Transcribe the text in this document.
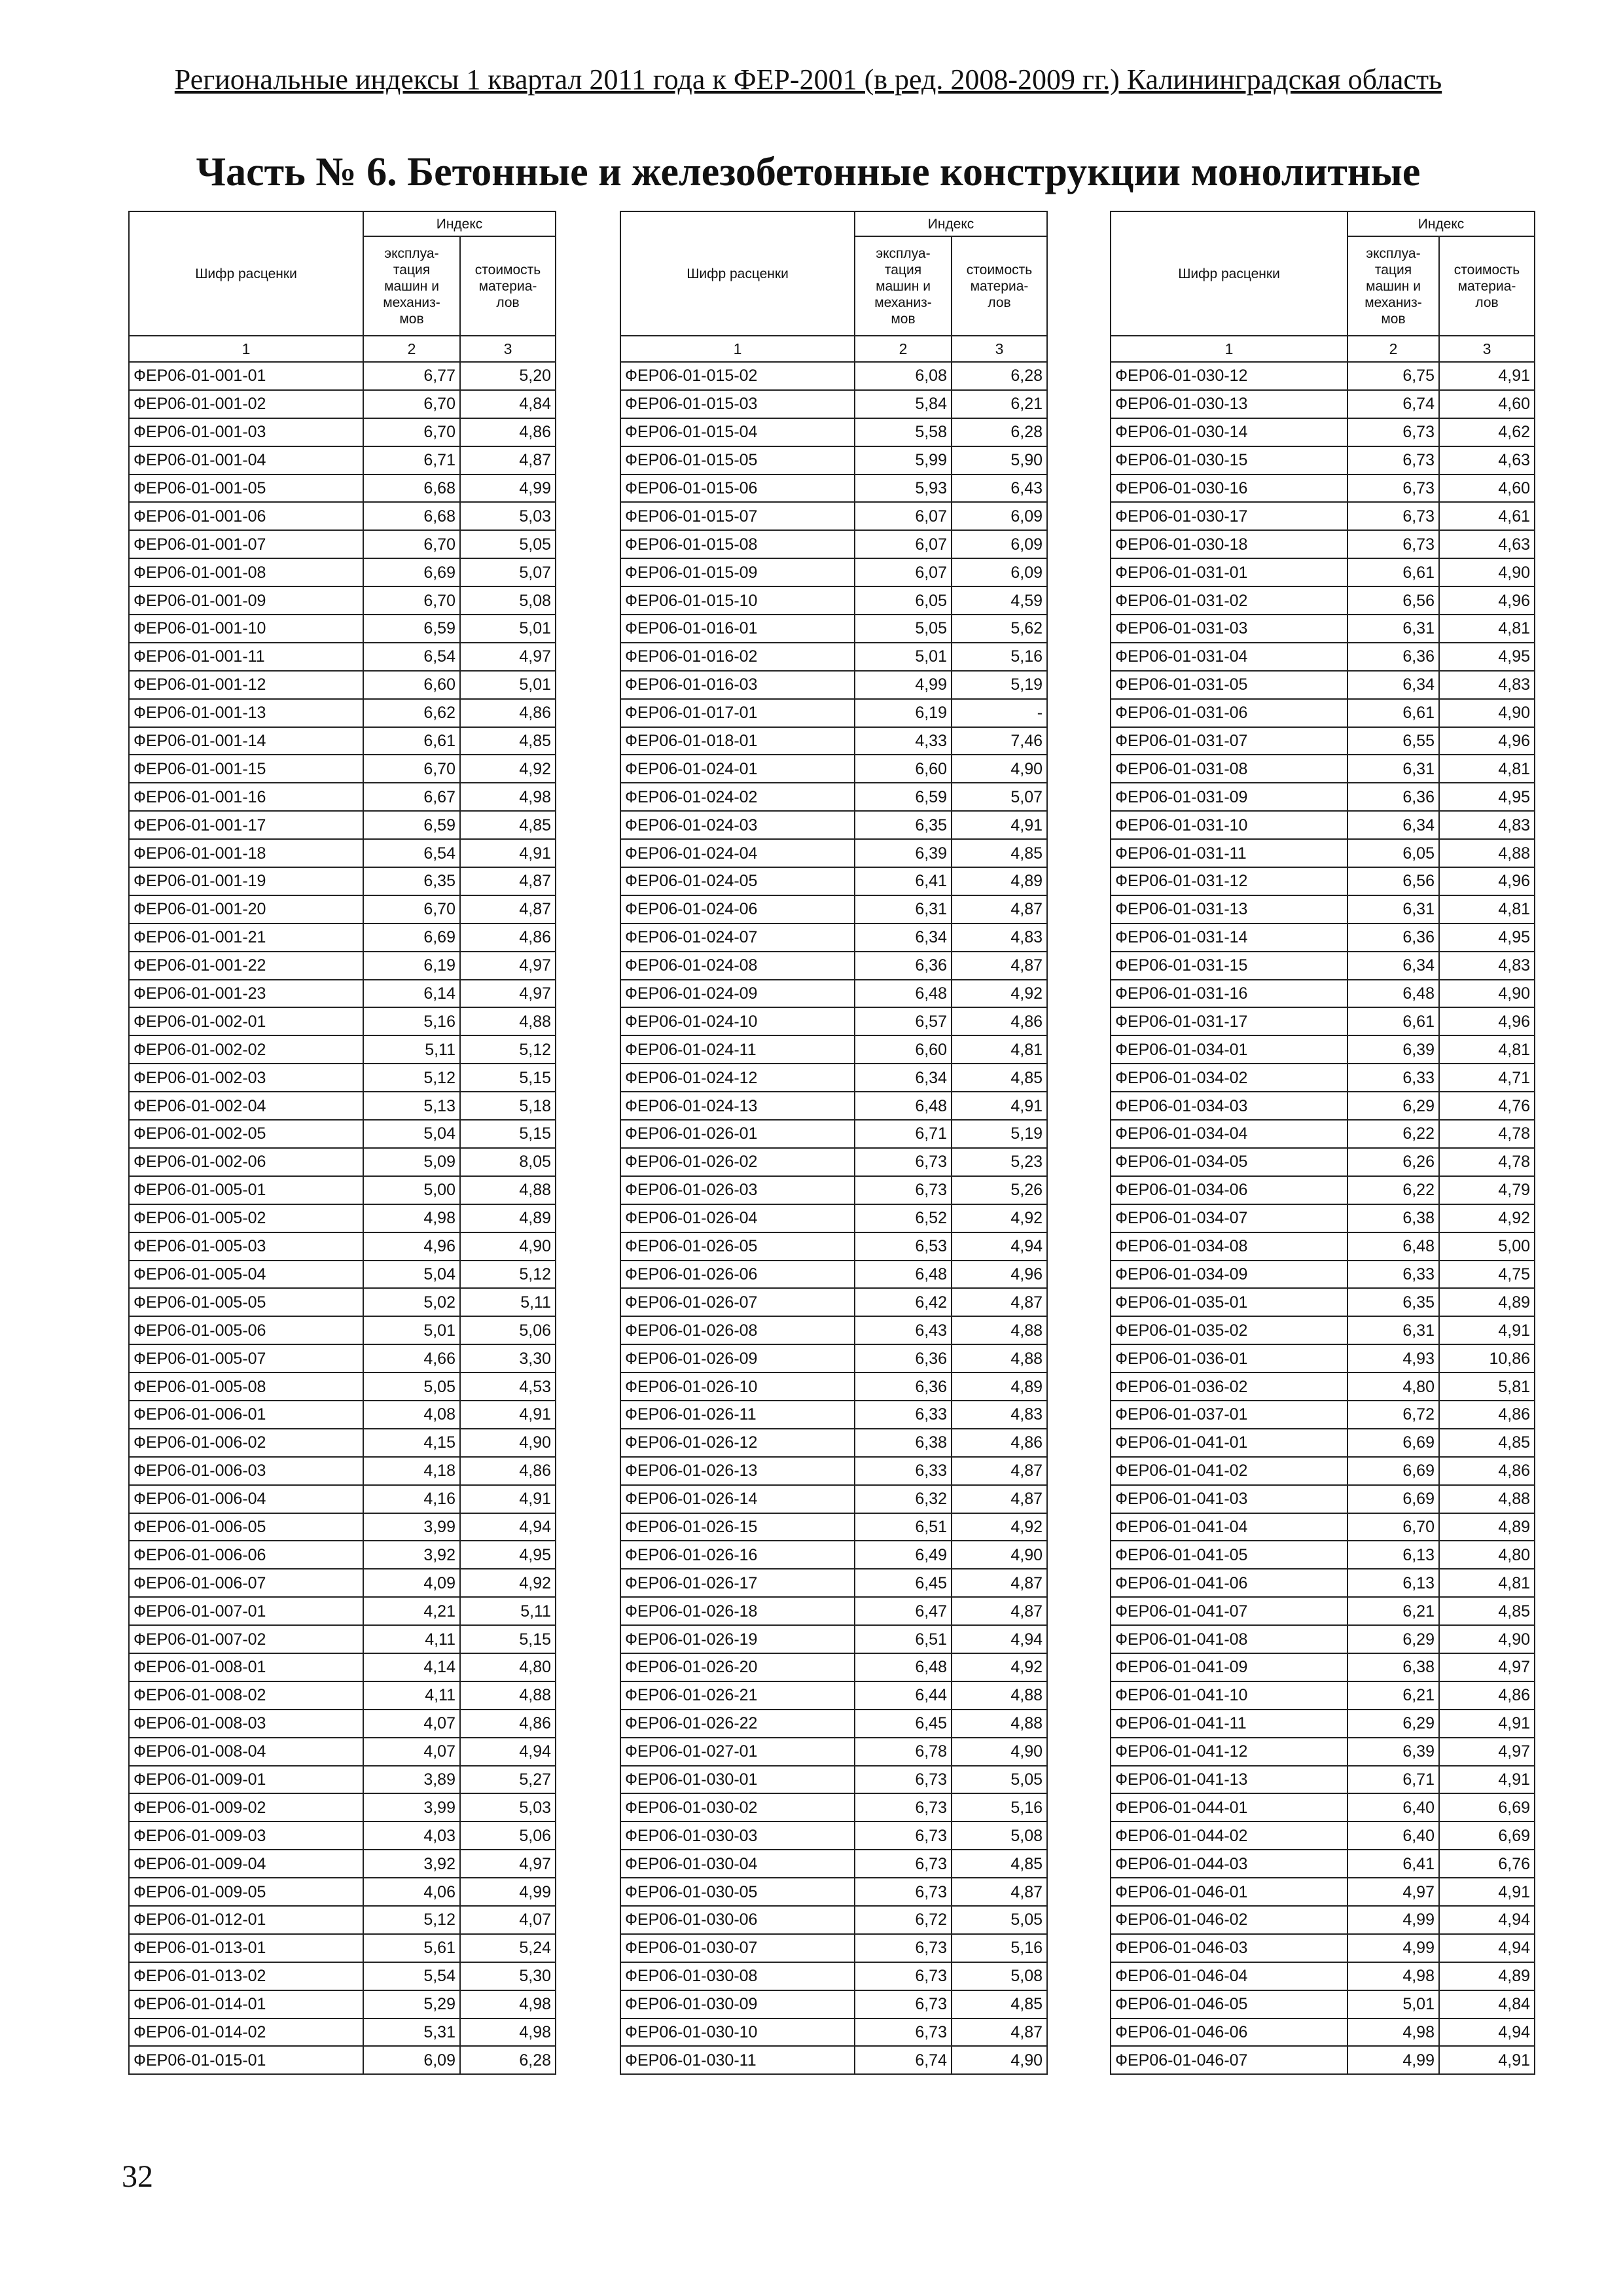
Региональные индексы 1 квартал 2011 года к ФЕР-2001 (в ред. 2008-2009 гг.) Калининградская область
Часть № 6. Бетонные и железобетонные конструкции монолитные
Шифр расценки	Индекс	
	эксплуа-
тация
машин и
механиз-
мов	стоимость
материа-
лов
1	2	3
ФЕР06-01-001-01	6,77	5,20
ФЕР06-01-001-02	6,70	4,84
ФЕР06-01-001-03	6,70	4,86
ФЕР06-01-001-04	6,71	4,87
ФЕР06-01-001-05	6,68	4,99
ФЕР06-01-001-06	6,68	5,03
ФЕР06-01-001-07	6,70	5,05
ФЕР06-01-001-08	6,69	5,07
ФЕР06-01-001-09	6,70	5,08
ФЕР06-01-001-10	6,59	5,01
ФЕР06-01-001-11	6,54	4,97
ФЕР06-01-001-12	6,60	5,01
ФЕР06-01-001-13	6,62	4,86
ФЕР06-01-001-14	6,61	4,85
ФЕР06-01-001-15	6,70	4,92
ФЕР06-01-001-16	6,67	4,98
ФЕР06-01-001-17	6,59	4,85
ФЕР06-01-001-18	6,54	4,91
ФЕР06-01-001-19	6,35	4,87
ФЕР06-01-001-20	6,70	4,87
ФЕР06-01-001-21	6,69	4,86
ФЕР06-01-001-22	6,19	4,97
ФЕР06-01-001-23	6,14	4,97
ФЕР06-01-002-01	5,16	4,88
ФЕР06-01-002-02	5,11	5,12
ФЕР06-01-002-03	5,12	5,15
ФЕР06-01-002-04	5,13	5,18
ФЕР06-01-002-05	5,04	5,15
ФЕР06-01-002-06	5,09	8,05
ФЕР06-01-005-01	5,00	4,88
ФЕР06-01-005-02	4,98	4,89
ФЕР06-01-005-03	4,96	4,90
ФЕР06-01-005-04	5,04	5,12
ФЕР06-01-005-05	5,02	5,11
ФЕР06-01-005-06	5,01	5,06
ФЕР06-01-005-07	4,66	3,30
ФЕР06-01-005-08	5,05	4,53
ФЕР06-01-006-01	4,08	4,91
ФЕР06-01-006-02	4,15	4,90
ФЕР06-01-006-03	4,18	4,86
ФЕР06-01-006-04	4,16	4,91
ФЕР06-01-006-05	3,99	4,94
ФЕР06-01-006-06	3,92	4,95
ФЕР06-01-006-07	4,09	4,92
ФЕР06-01-007-01	4,21	5,11
ФЕР06-01-007-02	4,11	5,15
ФЕР06-01-008-01	4,14	4,80
ФЕР06-01-008-02	4,11	4,88
ФЕР06-01-008-03	4,07	4,86
ФЕР06-01-008-04	4,07	4,94
ФЕР06-01-009-01	3,89	5,27
ФЕР06-01-009-02	3,99	5,03
ФЕР06-01-009-03	4,03	5,06
ФЕР06-01-009-04	3,92	4,97
ФЕР06-01-009-05	4,06	4,99
ФЕР06-01-012-01	5,12	4,07
ФЕР06-01-013-01	5,61	5,24
ФЕР06-01-013-02	5,54	5,30
ФЕР06-01-014-01	5,29	4,98
ФЕР06-01-014-02	5,31	4,98
ФЕР06-01-015-01	6,09	6,28
Шифр расценки	Индекс	
	эксплуа-
тация
машин и
механиз-
мов	стоимость
материа-
лов
1	2	3
ФЕР06-01-015-02	6,08	6,28
ФЕР06-01-015-03	5,84	6,21
ФЕР06-01-015-04	5,58	6,28
ФЕР06-01-015-05	5,99	5,90
ФЕР06-01-015-06	5,93	6,43
ФЕР06-01-015-07	6,07	6,09
ФЕР06-01-015-08	6,07	6,09
ФЕР06-01-015-09	6,07	6,09
ФЕР06-01-015-10	6,05	4,59
ФЕР06-01-016-01	5,05	5,62
ФЕР06-01-016-02	5,01	5,16
ФЕР06-01-016-03	4,99	5,19
ФЕР06-01-017-01	6,19	-
ФЕР06-01-018-01	4,33	7,46
ФЕР06-01-024-01	6,60	4,90
ФЕР06-01-024-02	6,59	5,07
ФЕР06-01-024-03	6,35	4,91
ФЕР06-01-024-04	6,39	4,85
ФЕР06-01-024-05	6,41	4,89
ФЕР06-01-024-06	6,31	4,87
ФЕР06-01-024-07	6,34	4,83
ФЕР06-01-024-08	6,36	4,87
ФЕР06-01-024-09	6,48	4,92
ФЕР06-01-024-10	6,57	4,86
ФЕР06-01-024-11	6,60	4,81
ФЕР06-01-024-12	6,34	4,85
ФЕР06-01-024-13	6,48	4,91
ФЕР06-01-026-01	6,71	5,19
ФЕР06-01-026-02	6,73	5,23
ФЕР06-01-026-03	6,73	5,26
ФЕР06-01-026-04	6,52	4,92
ФЕР06-01-026-05	6,53	4,94
ФЕР06-01-026-06	6,48	4,96
ФЕР06-01-026-07	6,42	4,87
ФЕР06-01-026-08	6,43	4,88
ФЕР06-01-026-09	6,36	4,88
ФЕР06-01-026-10	6,36	4,89
ФЕР06-01-026-11	6,33	4,83
ФЕР06-01-026-12	6,38	4,86
ФЕР06-01-026-13	6,33	4,87
ФЕР06-01-026-14	6,32	4,87
ФЕР06-01-026-15	6,51	4,92
ФЕР06-01-026-16	6,49	4,90
ФЕР06-01-026-17	6,45	4,87
ФЕР06-01-026-18	6,47	4,87
ФЕР06-01-026-19	6,51	4,94
ФЕР06-01-026-20	6,48	4,92
ФЕР06-01-026-21	6,44	4,88
ФЕР06-01-026-22	6,45	4,88
ФЕР06-01-027-01	6,78	4,90
ФЕР06-01-030-01	6,73	5,05
ФЕР06-01-030-02	6,73	5,16
ФЕР06-01-030-03	6,73	5,08
ФЕР06-01-030-04	6,73	4,85
ФЕР06-01-030-05	6,73	4,87
ФЕР06-01-030-06	6,72	5,05
ФЕР06-01-030-07	6,73	5,16
ФЕР06-01-030-08	6,73	5,08
ФЕР06-01-030-09	6,73	4,85
ФЕР06-01-030-10	6,73	4,87
ФЕР06-01-030-11	6,74	4,90
Шифр расценки	Индекс	
	эксплуа-
тация
машин и
механиз-
мов	стоимость
материа-
лов
1	2	3
ФЕР06-01-030-12	6,75	4,91
ФЕР06-01-030-13	6,74	4,60
ФЕР06-01-030-14	6,73	4,62
ФЕР06-01-030-15	6,73	4,63
ФЕР06-01-030-16	6,73	4,60
ФЕР06-01-030-17	6,73	4,61
ФЕР06-01-030-18	6,73	4,63
ФЕР06-01-031-01	6,61	4,90
ФЕР06-01-031-02	6,56	4,96
ФЕР06-01-031-03	6,31	4,81
ФЕР06-01-031-04	6,36	4,95
ФЕР06-01-031-05	6,34	4,83
ФЕР06-01-031-06	6,61	4,90
ФЕР06-01-031-07	6,55	4,96
ФЕР06-01-031-08	6,31	4,81
ФЕР06-01-031-09	6,36	4,95
ФЕР06-01-031-10	6,34	4,83
ФЕР06-01-031-11	6,05	4,88
ФЕР06-01-031-12	6,56	4,96
ФЕР06-01-031-13	6,31	4,81
ФЕР06-01-031-14	6,36	4,95
ФЕР06-01-031-15	6,34	4,83
ФЕР06-01-031-16	6,48	4,90
ФЕР06-01-031-17	6,61	4,96
ФЕР06-01-034-01	6,39	4,81
ФЕР06-01-034-02	6,33	4,71
ФЕР06-01-034-03	6,29	4,76
ФЕР06-01-034-04	6,22	4,78
ФЕР06-01-034-05	6,26	4,78
ФЕР06-01-034-06	6,22	4,79
ФЕР06-01-034-07	6,38	4,92
ФЕР06-01-034-08	6,48	5,00
ФЕР06-01-034-09	6,33	4,75
ФЕР06-01-035-01	6,35	4,89
ФЕР06-01-035-02	6,31	4,91
ФЕР06-01-036-01	4,93	10,86
ФЕР06-01-036-02	4,80	5,81
ФЕР06-01-037-01	6,72	4,86
ФЕР06-01-041-01	6,69	4,85
ФЕР06-01-041-02	6,69	4,86
ФЕР06-01-041-03	6,69	4,88
ФЕР06-01-041-04	6,70	4,89
ФЕР06-01-041-05	6,13	4,80
ФЕР06-01-041-06	6,13	4,81
ФЕР06-01-041-07	6,21	4,85
ФЕР06-01-041-08	6,29	4,90
ФЕР06-01-041-09	6,38	4,97
ФЕР06-01-041-10	6,21	4,86
ФЕР06-01-041-11	6,29	4,91
ФЕР06-01-041-12	6,39	4,97
ФЕР06-01-041-13	6,71	4,91
ФЕР06-01-044-01	6,40	6,69
ФЕР06-01-044-02	6,40	6,69
ФЕР06-01-044-03	6,41	6,76
ФЕР06-01-046-01	4,97	4,91
ФЕР06-01-046-02	4,99	4,94
ФЕР06-01-046-03	4,99	4,94
ФЕР06-01-046-04	4,98	4,89
ФЕР06-01-046-05	5,01	4,84
ФЕР06-01-046-06	4,98	4,94
ФЕР06-01-046-07	4,99	4,91
32
